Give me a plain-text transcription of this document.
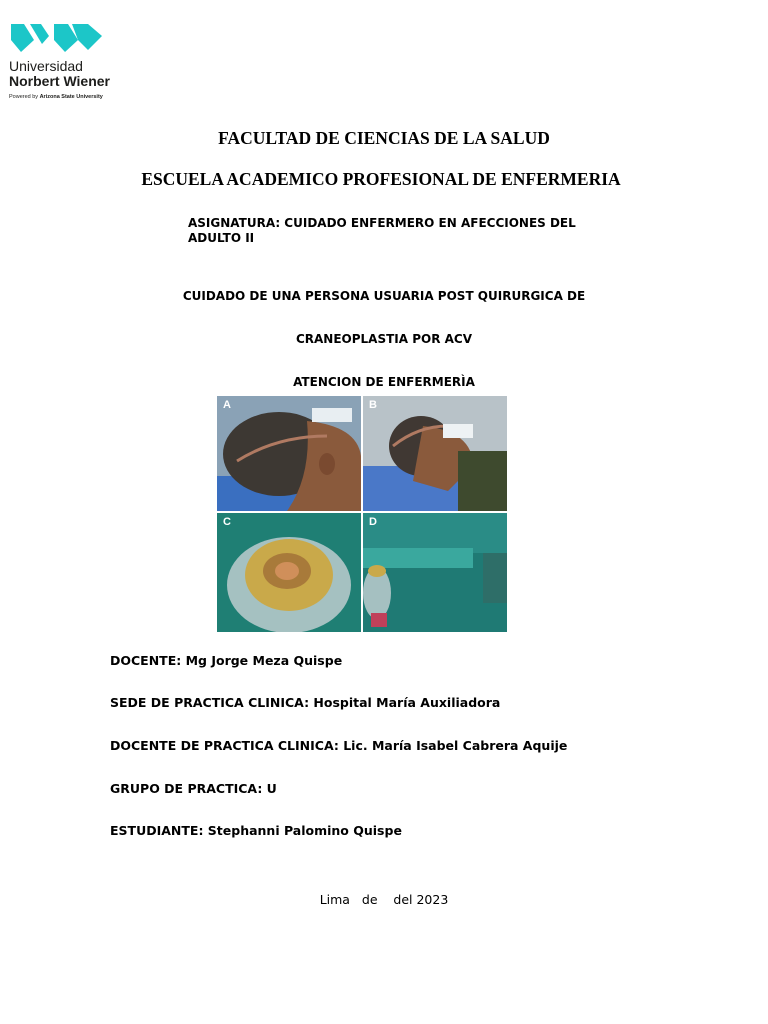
Universidad
Norbert Wiener
Powered by Arizona State University
FACULTAD DE CIENCIAS DE LA SALUD
ESCUELA ACADEMICO PROFESIONAL DE ENFERMERIA
ASIGNATURA: CUIDADO ENFERMERO EN AFECCIONES DEL ADULTO II
CUIDADO DE UNA PERSONA USUARIA POST QUIRURGICA DE
CRANEOPLASTIA POR ACV
ATENCION DE ENFERMERÌA
A	B
C	D
DOCENTE: Mg Jorge Meza Quispe
SEDE DE PRACTICA CLINICA: Hospital María Auxiliadora
DOCENTE DE PRACTICA CLINICA: Lic. María Isabel Cabrera Aquije
GRUPO DE PRACTICA: U
ESTUDIANTE: Stephanni Palomino Quispe
Lima   de    del 2023
